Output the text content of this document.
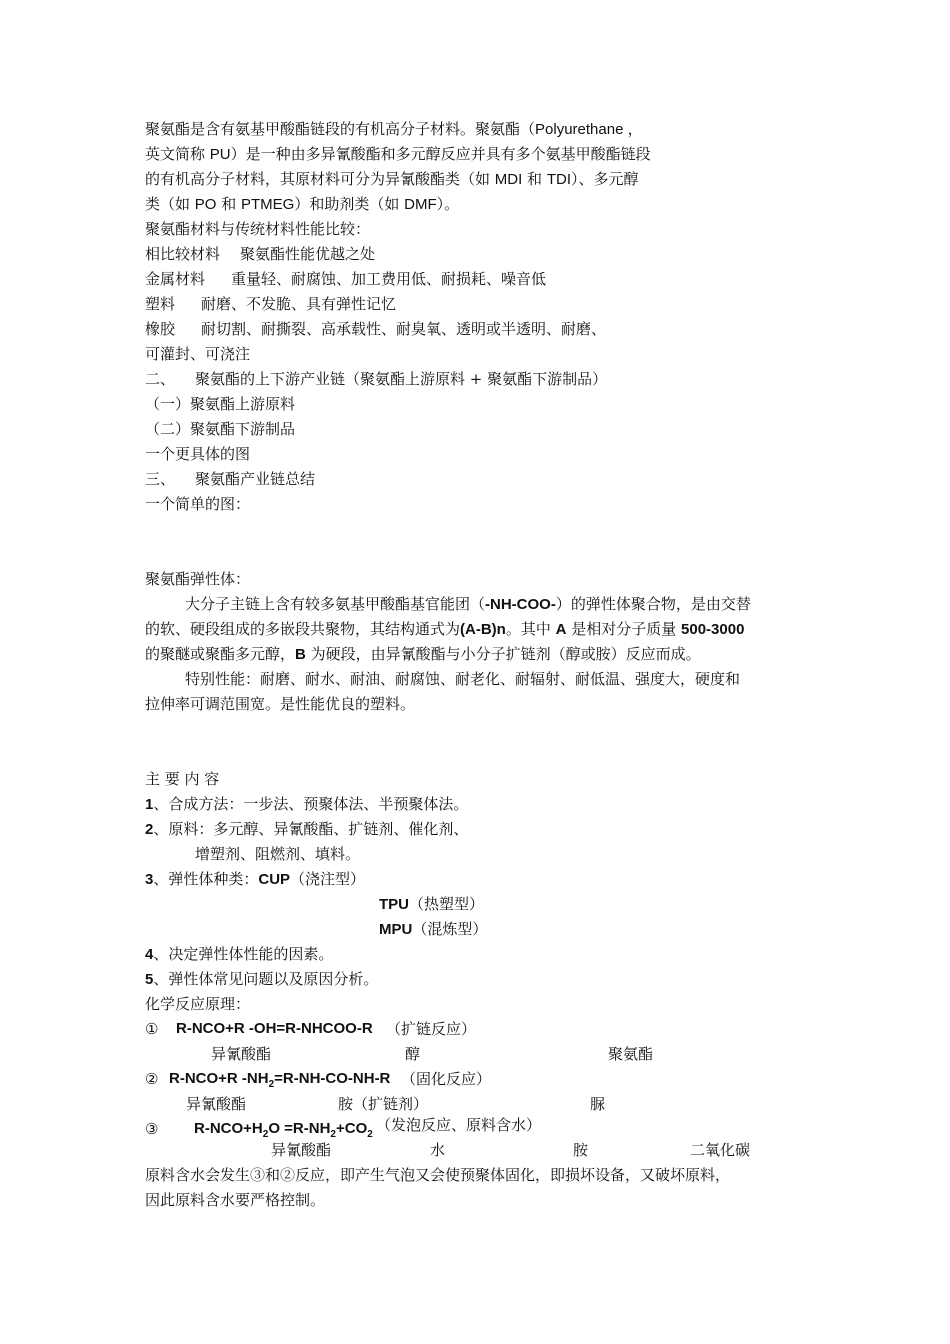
聚氨酯是含有氨基甲酸酯链段的有机高分子材料。聚氨酯（Polyurethane ，
英文简称 PU）是一种由多异氰酸酯和多元醇反应并具有多个氨基甲酸酯链段
的有机高分子材料，其原材料可分为异氰酸酯类（如 MDI 和 TDI）、多元醇
类（如 PO 和 PTMEG）和助剂类（如 DMF）。
聚氨酯材料与传统材料性能比较：
相比较材料 聚氨酯性能优越之处
金属材料 重量轻、耐腐蚀、加工费用低、耐损耗、噪音低
塑料 耐磨、不发脆、具有弹性记忆
橡胶 耐切割、耐撕裂、高承载性、耐臭氧、透明或半透明、耐磨、
可灌封、可浇注
二、 聚氨酯的上下游产业链（聚氨酯上游原料 + 聚氨酯下游制品）
（一）聚氨酯上游原料
（二）聚氨酯下游制品
一个更具体的图
三、 聚氨酯产业链总结
一个简单的图：
聚氨酯弹性体：
大分子主链上含有较多氨基甲酸酯基官能团（-NH-COO-）的弹性体聚合物，是由交替
的软、硬段组成的多嵌段共聚物，其结构通式为(A-B)n。其中 A 是相对分子质量 500-3000
的聚醚或聚酯多元醇，B 为硬段，由异氰酸酯与小分子扩链剂（醇或胺）反应而成。
特别性能：耐磨、耐水、耐油、耐腐蚀、耐老化、耐辐射、耐低温、强度大，硬度和
拉伸率可调范围宽。是性能优良的塑料。
主 要 内 容
1、合成方法：一步法、预聚体法、半预聚体法。
2、原料：多元醇、异氰酸酯、扩链剂、催化剂、
增塑剂、阻燃剂、填料。
3、弹性体种类：CUP（浇注型）
TPU（热塑型）
MPU（混炼型）
4、决定弹性体性能的因素。
5、弹性体常见问题以及原因分析。
化学反应原理：
① R-NCO+R -OH=R-NHCOO-R （扩链反应）
异氰酸酯	醇	聚氨酯
② R-NCO+R $-NH_2=R-NH-CO-NH-R$ （固化反应）
异氰酸酯	胺（扩链剂）	脲
③ $R-NCO+H_2O =R-NH_2+CO_2$
（发泡反应、原料含水）
异氰酸酯	水	胺	二氧化碳
原料含水会发生③和②反应，即产生气泡又会使预聚体固化，即损坏设备，又破坏原料，
因此原料含水要严格控制。
